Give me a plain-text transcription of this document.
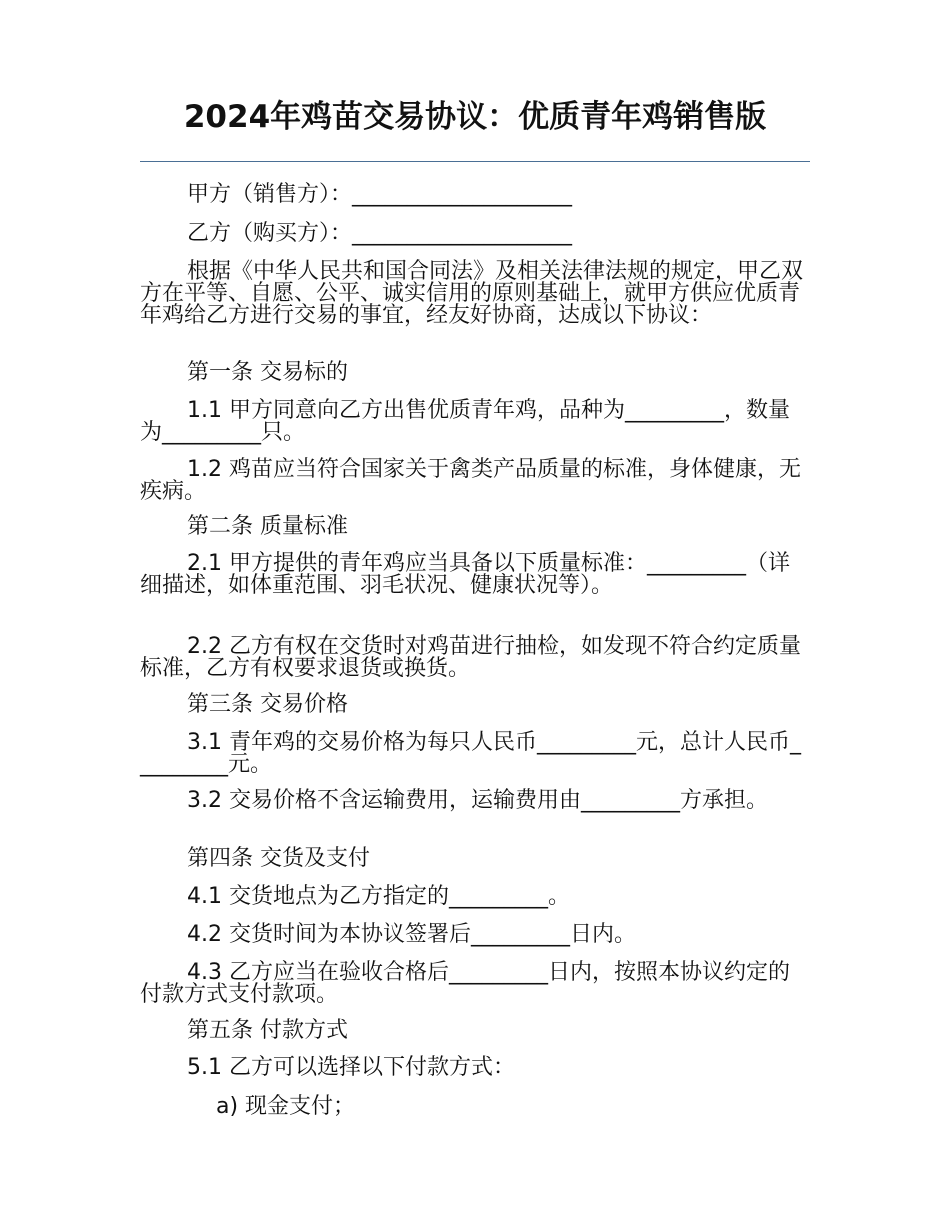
2024年鸡苗交易协议：优质青年鸡销售版
甲方（销售方）：____________________
乙方（购买方）：____________________
根据《中华人民共和国合同法》及相关法律法规的规定，甲乙双方在平等、自愿、公平、诚实信用的原则基础上，就甲方供应优质青年鸡给乙方进行交易的事宜，经友好协商，达成以下协议：
第一条 交易标的
1.1 甲方同意向乙方出售优质青年鸡，品种为_________，数量为_________只。
1.2 鸡苗应当符合国家关于禽类产品质量的标准，身体健康，无疾病。
第二条 质量标准
2.1 甲方提供的青年鸡应当具备以下质量标准：_________（详细描述，如体重范围、羽毛状况、健康状况等）。
2.2 乙方有权在交货时对鸡苗进行抽检，如发现不符合约定质量标准，乙方有权要求退货或换货。
第三条 交易价格
3.1 青年鸡的交易价格为每只人民币_________元，总计人民币_________元。
3.2 交易价格不含运输费用，运输费用由_________方承担。
第四条 交货及支付
4.1 交货地点为乙方指定的_________。
4.2 交货时间为本协议签署后_________日内。
4.3 乙方应当在验收合格后_________日内，按照本协议约定的付款方式支付款项。
第五条 付款方式
5.1 乙方可以选择以下付款方式：
a) 现金支付；
